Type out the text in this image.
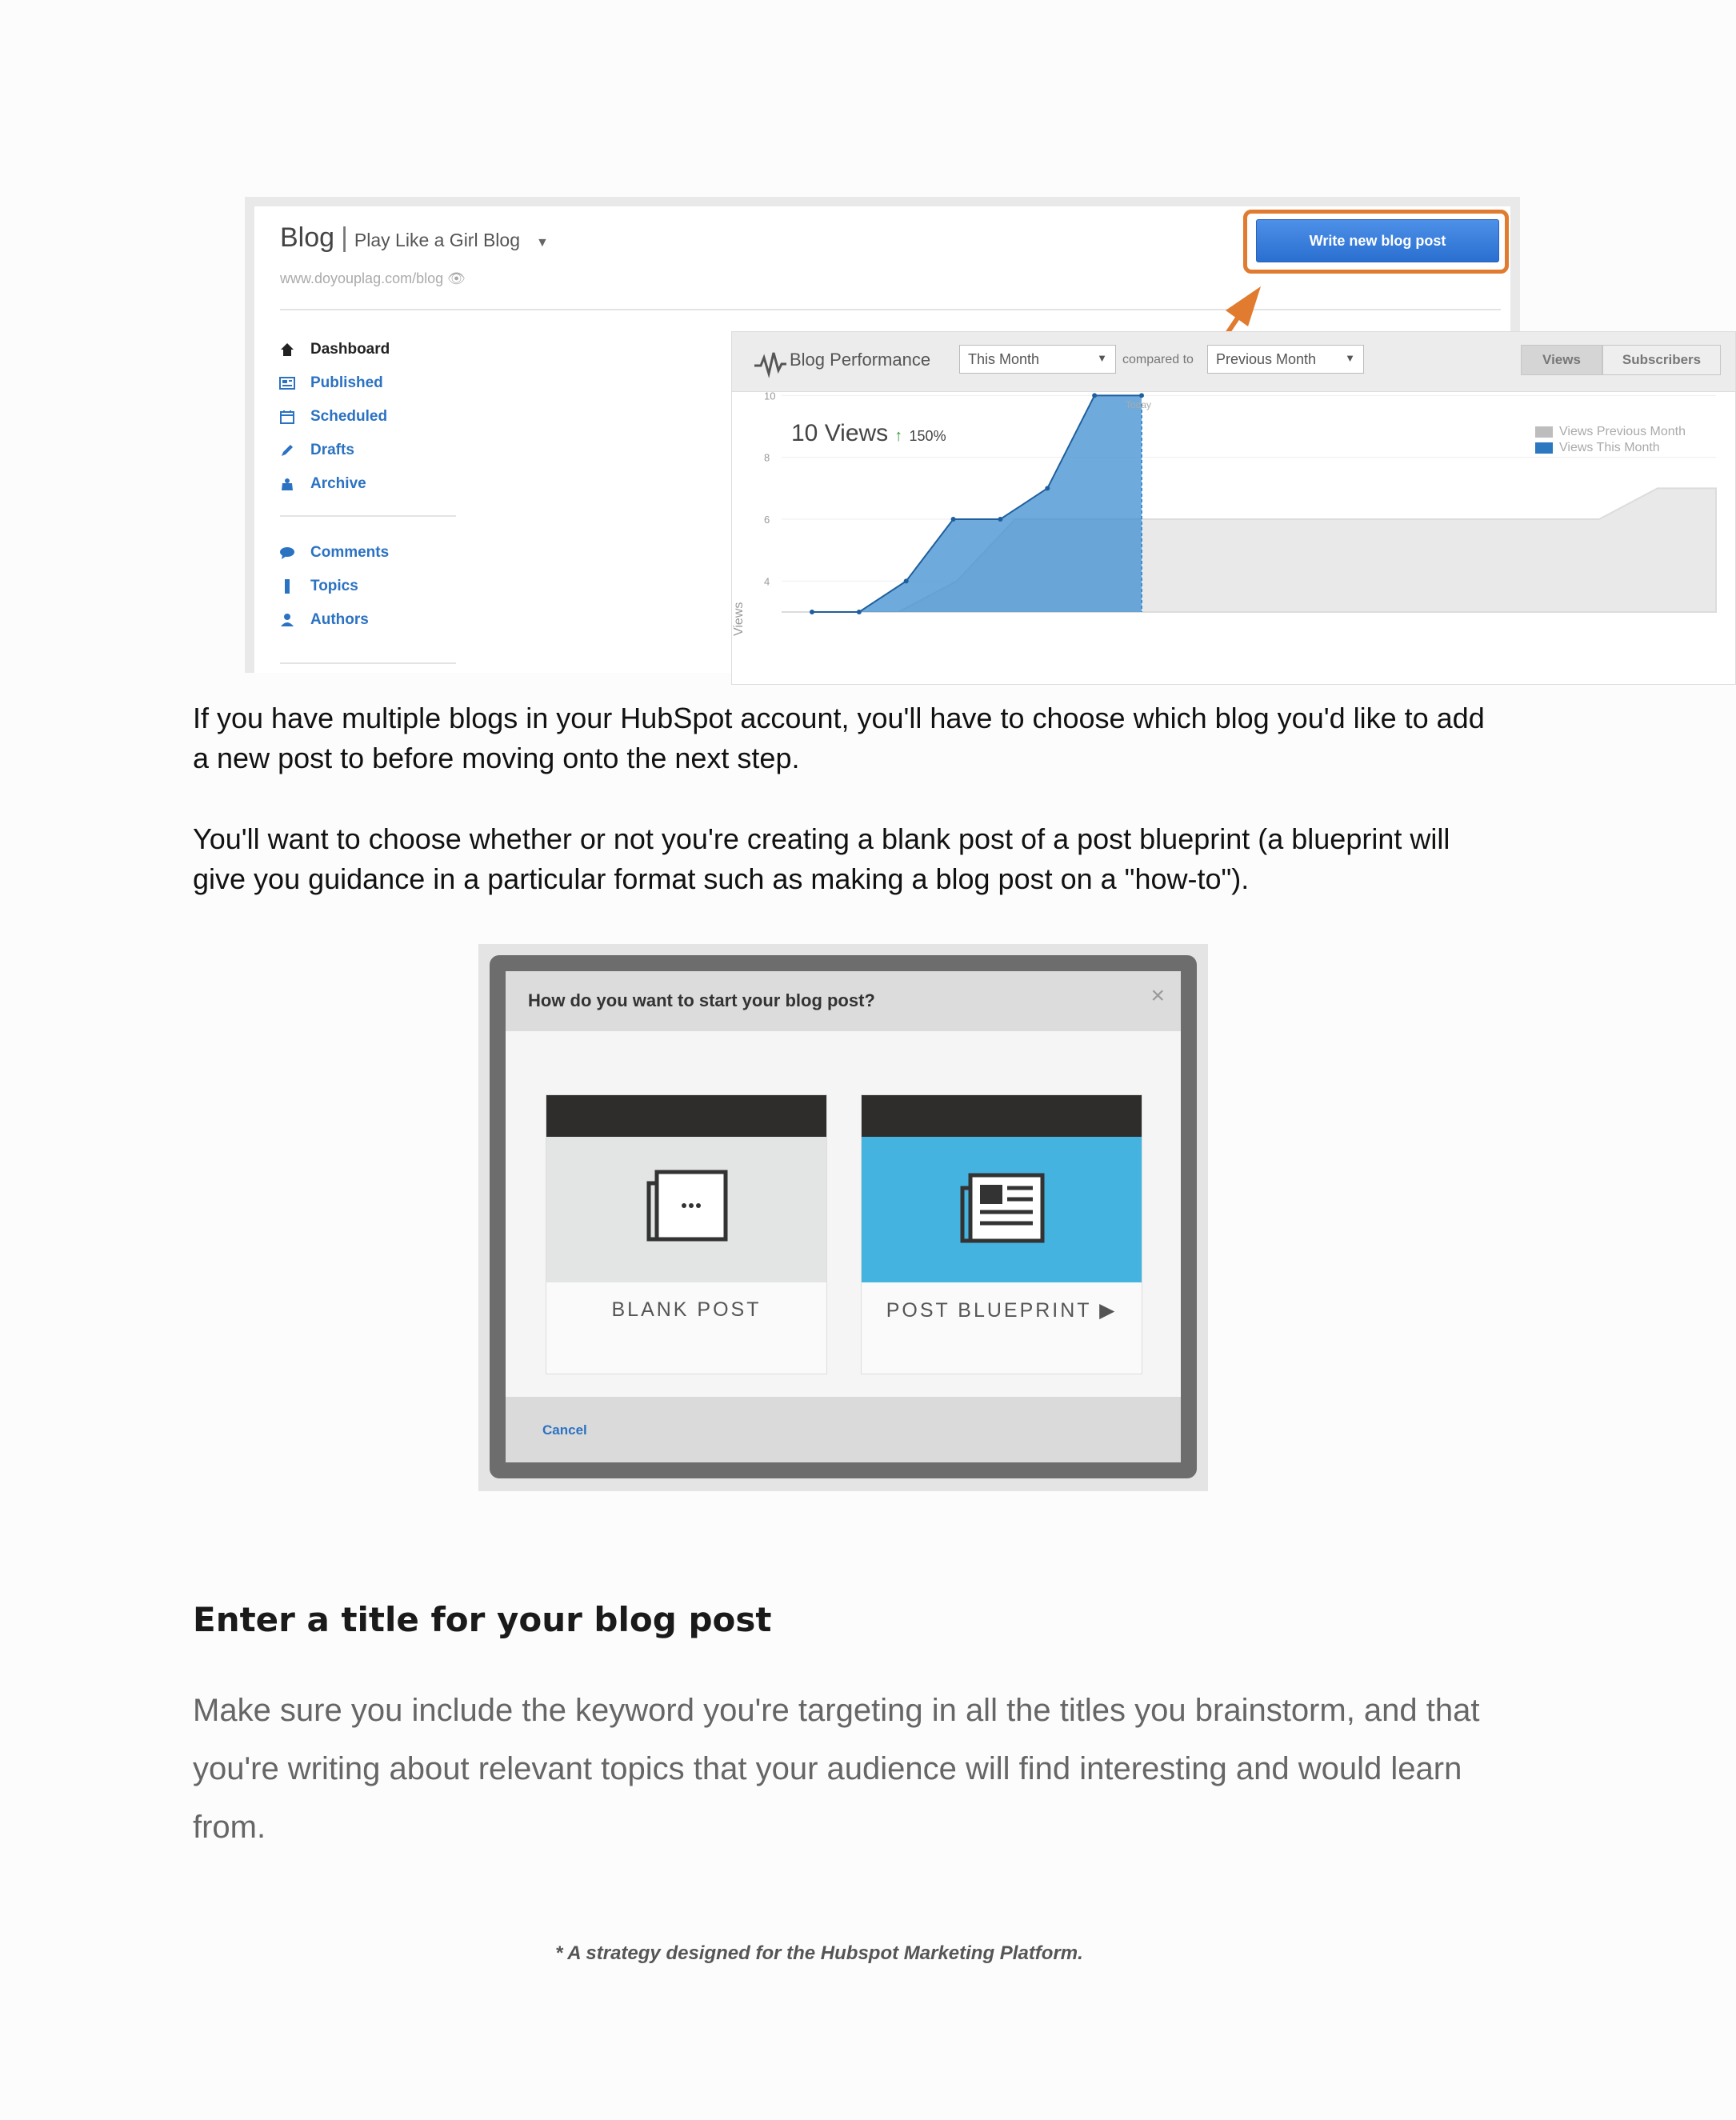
Blog | Play Like a Girl Blog ▼
www.doyouplag.com/blog 👁
Write new blog post
Dashboard
Published
Scheduled
Drafts
Archive
Comments
Topics
Authors
Blog Performance	This Month	▼ compared to Previous Month	▼	Views	Subscribers
10 Views ↑ 150%	Views Previous Month
Views This Month
Views
10
8
6
4
Today
If you have multiple blogs in your HubSpot account, you'll have to choose which blog you'd like to add a new post to before moving onto the next step.
You'll want to choose whether or not you're creating a blank post of a post blueprint (a blueprint will give you guidance in a particular format such as making a blog post on a "how-to").
How do you want to start your blog post?	×
BLANK POST	POST BLUEPRINT ▶
Cancel
Enter a title for your blog post
Make sure you include the keyword you're targeting in all the titles you brainstorm, and that you're writing about relevant topics that your audience will find interesting and would learn from.
* A strategy designed for the Hubspot Marketing Platform.
